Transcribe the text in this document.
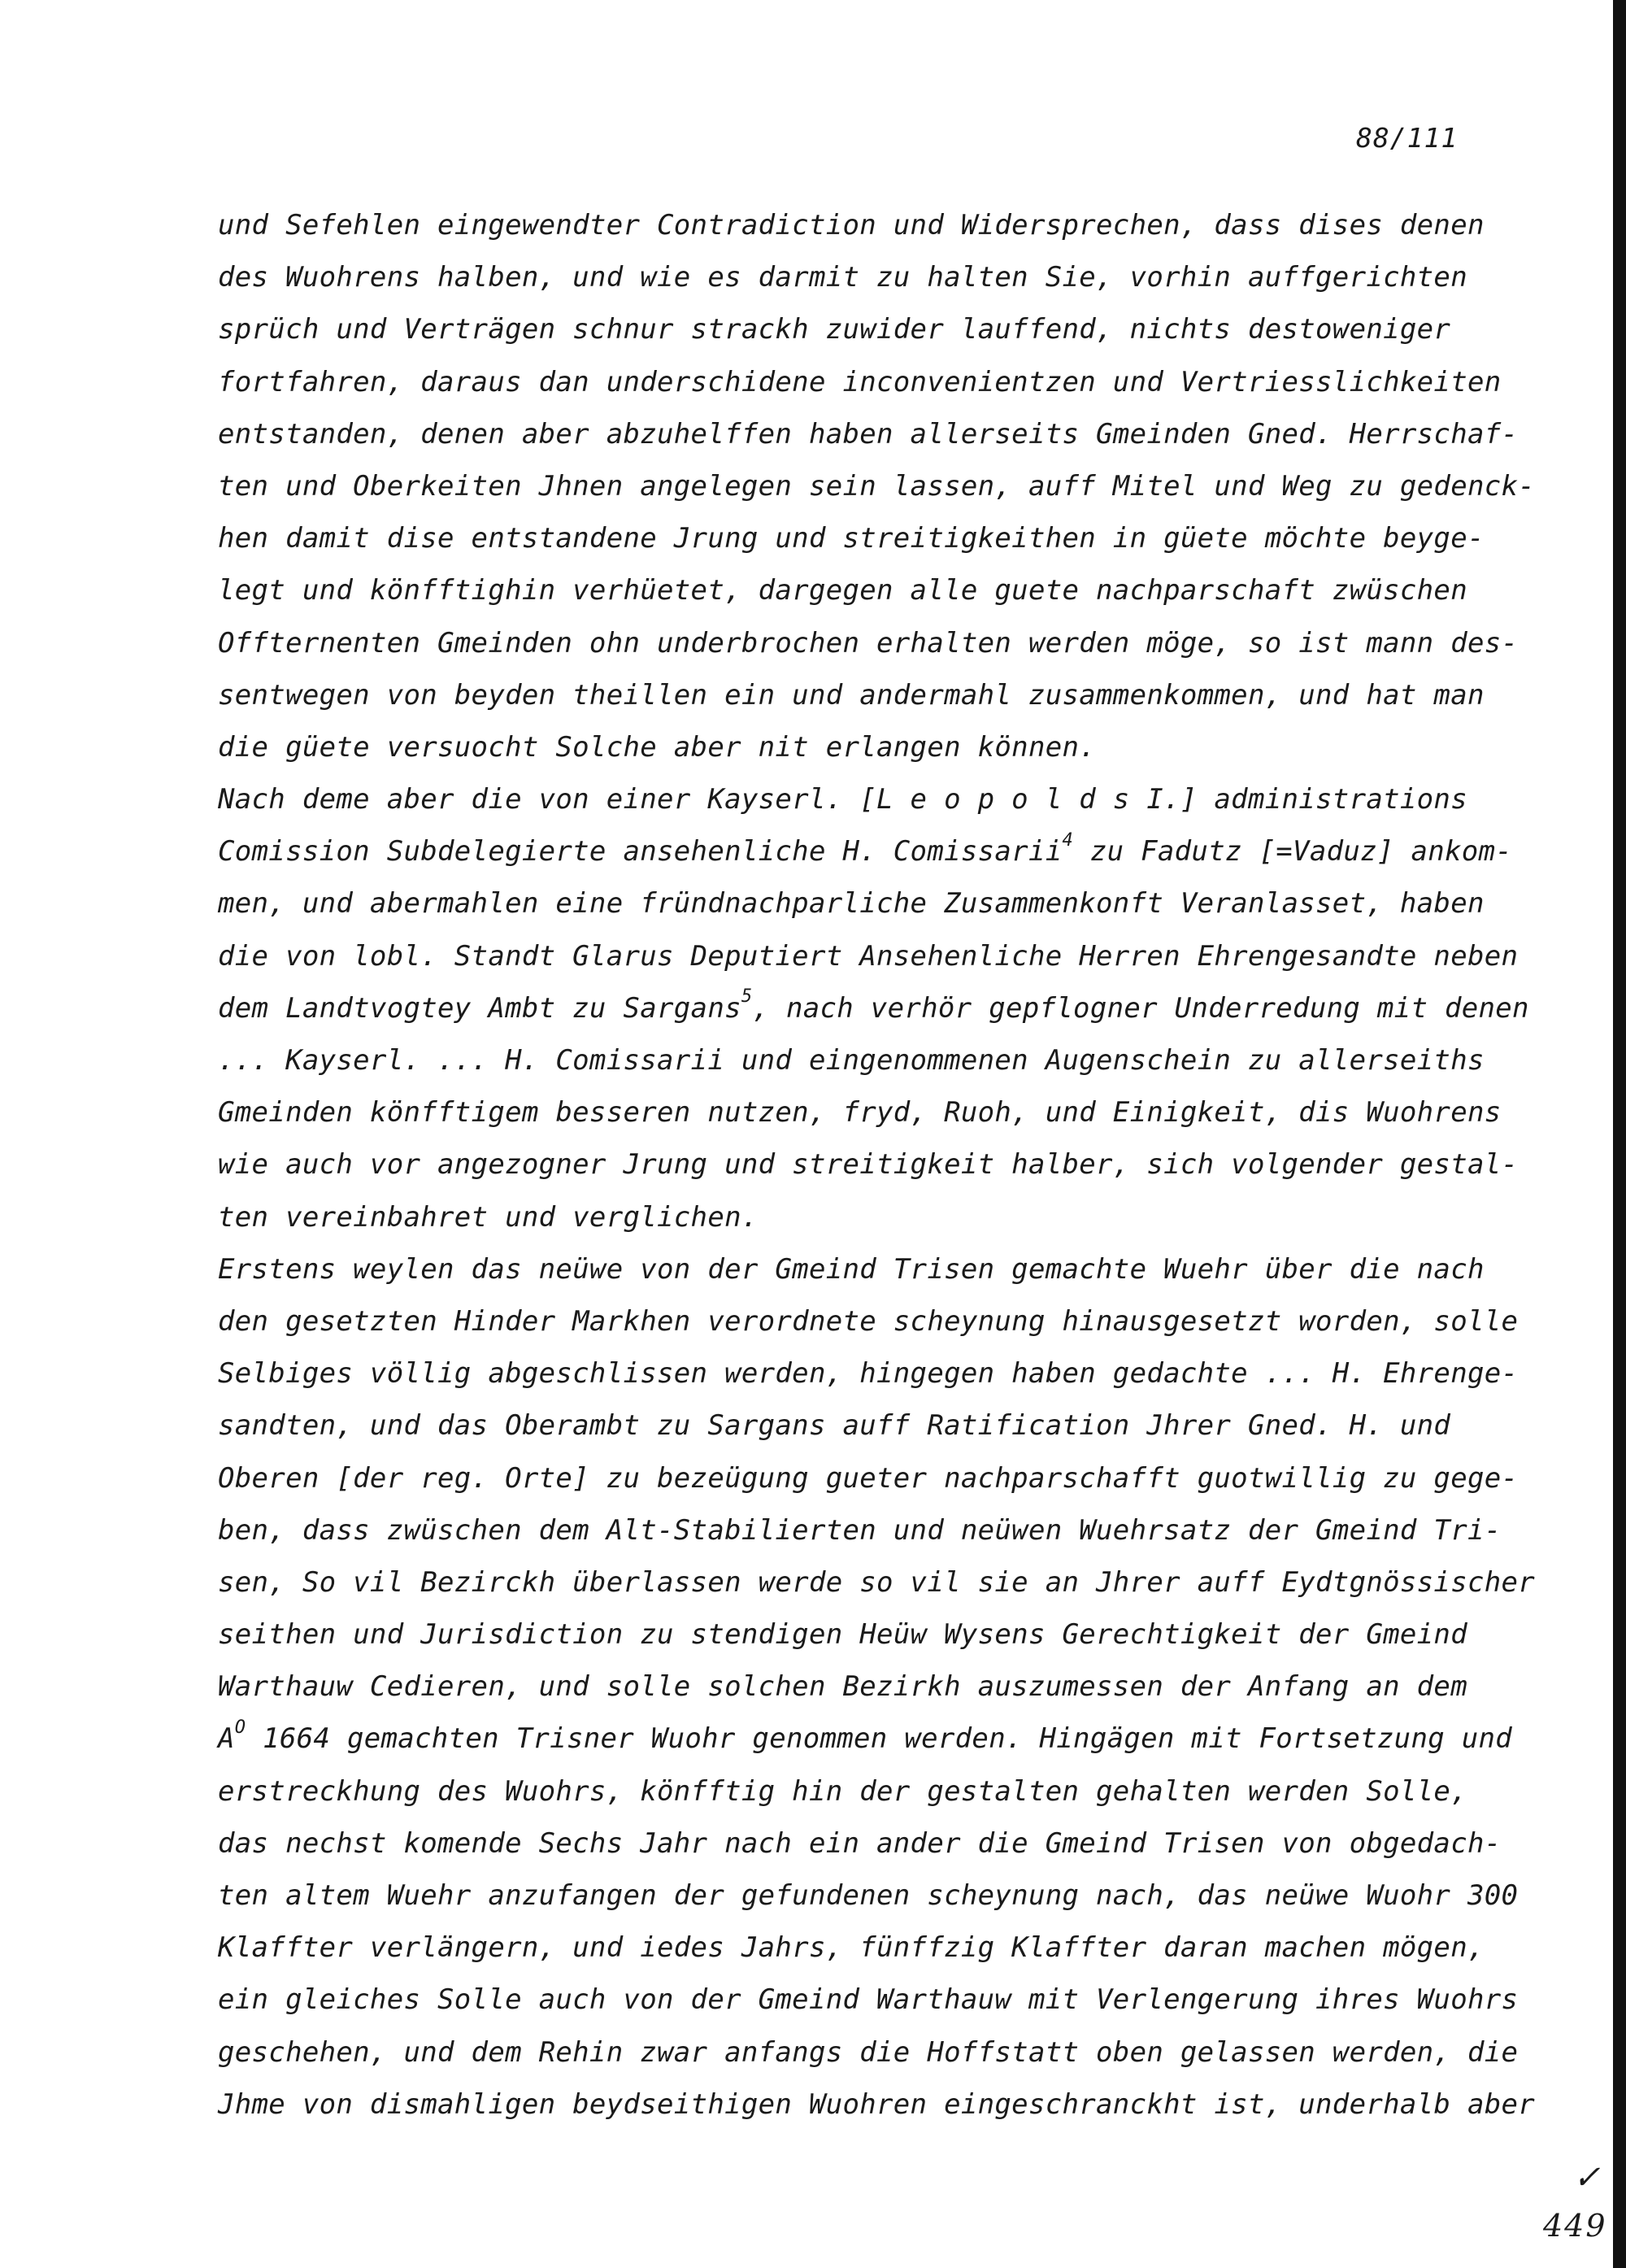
88/111
und Sefehlen eingewendter Contradiction und Widersprechen, dass dises denen
des Wuohrens halben, und wie es darmit zu halten Sie, vorhin auffgerichten
sprüch und Verträgen schnur strackh zuwider lauffend, nichts destoweniger
fortfahren, daraus dan underschidene inconvenientzen und Vertriesslichkeiten
entstanden, denen aber abzuhelffen haben allerseits Gmeinden Gned. Herrschaf-
ten und Oberkeiten Jhnen angelegen sein lassen, auff Mitel und Weg zu gedenck-
hen damit dise entstandene Jrung und streitigkeithen in güete möchte beyge-
legt und könfftighin verhüetet, dargegen alle guete nachparschaft zwüschen
Offternenten Gmeinden ohn underbrochen erhalten werden möge, so ist mann des-
sentwegen von beyden theillen ein und andermahl zusammenkommen, und hat man
die güete versuocht Solche aber nit erlangen können.
Nach deme aber die von einer Kayserl. [L e o p o l d s I.] administrations
Comission Subdelegierte ansehenliche H. Comissarii$^4$ zu Fadutz [=Vaduz] ankom-
men, und abermahlen eine fründnachparliche Zusammenkonft Veranlasset, haben
die von lobl. Standt Glarus Deputiert Ansehenliche Herren Ehrengesandte neben
dem Landtvogtey Ambt zu Sargans$^5$, nach verhör gepflogner Underredung mit denen
... Kayserl. ... H. Comissarii und eingenommenen Augenschein zu allerseiths
Gmeinden könfftigem besseren nutzen, fryd, Ruoh, und Einigkeit, dis Wuohrens
wie auch vor angezogner Jrung und streitigkeit halber, sich volgender gestal-
ten vereinbahret und verglichen.
Erstens weylen das neüwe von der Gmeind Trisen gemachte Wuehr über die nach
den gesetzten Hinder Markhen verordnete scheynung hinausgesetzt worden, solle
Selbiges völlig abgeschlissen werden, hingegen haben gedachte ... H. Ehrenge-
sandten, und das Oberambt zu Sargans auff Ratification Jhrer Gned. H. und
Oberen [der reg. Orte] zu bezeügung gueter nachparschafft guotwillig zu gege-
ben, dass zwüschen dem Alt-Stabilierten und neüwen Wuehrsatz der Gmeind Tri-
sen, So vil Bezirckh überlassen werde so vil sie an Jhrer auff Eydtgnössischer
seithen und Jurisdiction zu stendigen Heüw Wysens Gerechtigkeit der Gmeind
Warthauw Cedieren, und solle solchen Bezirkh auszumessen der Anfang an dem
$A^O$ 1664 gemachten Trisner Wuohr genommen werden. Hingägen mit Fortsetzung und
erstreckhung des Wuohrs, könfftig hin der gestalten gehalten werden Solle,
das nechst komende Sechs Jahr nach ein ander die Gmeind Trisen von obgedach-
ten altem Wuehr anzufangen der gefundenen scheynung nach, das neüwe Wuohr 300
Klaffter verlängern, und iedes Jahrs, fünffzig Klaffter daran machen mögen,
ein gleiches Solle auch von der Gmeind Warthauw mit Verlengerung ihres Wuohrs
geschehen, und dem Rehin zwar anfangs die Hoffstatt oben gelassen werden, die
Jhme von dismahligen beydseithigen Wuohren eingeschranckht ist, underhalb aber
✓
449
